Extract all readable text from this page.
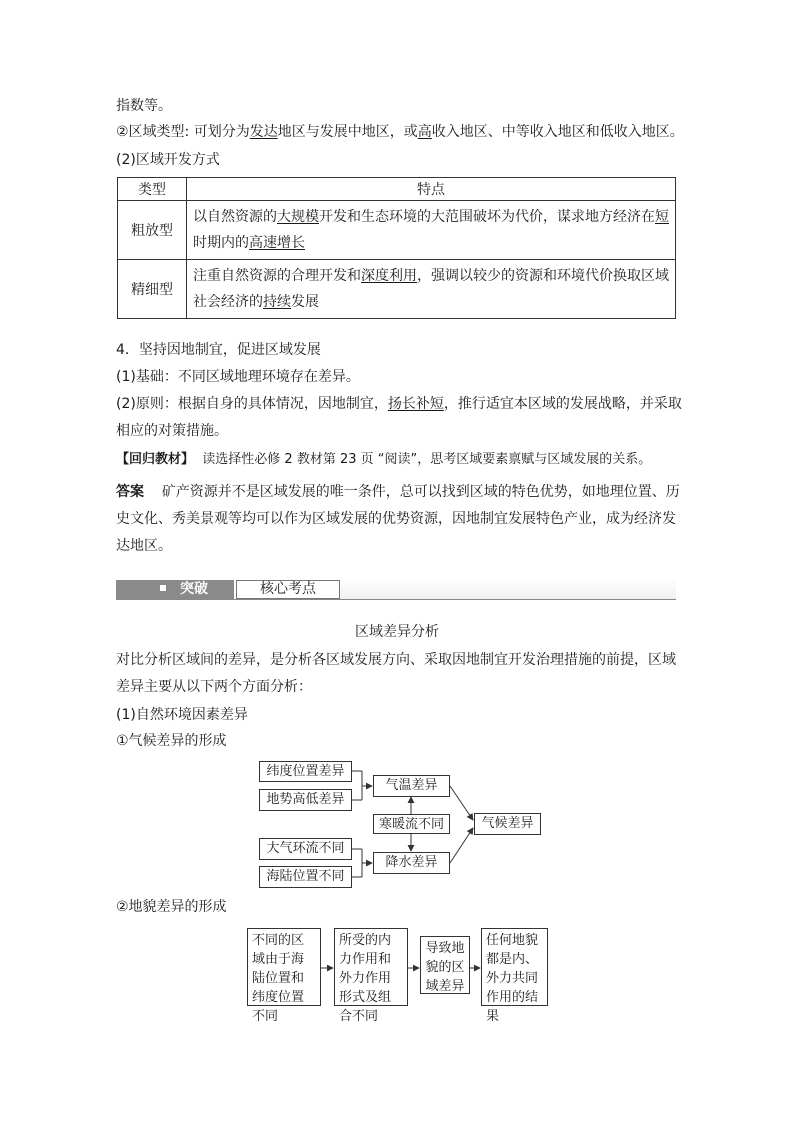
指数等。
②区域类型: 可划分为发达地区与发展中地区，或高收入地区、中等收入地区和低收入地区。
(2)区域开发方式
类型	特点
粗放型	以自然资源的大规模开发和生态环境的大范围破坏为代价，谋求地方经济在短时期内的高速增长
精细型	注重自然资源的合理开发和深度利用，强调以较少的资源和环境代价换取区域社会经济的持续发展
4．坚持因地制宜，促进区域发展
(1)基础：不同区域地理环境存在差异。
(2)原则：根据自身的具体情况，因地制宜，扬长补短，推行适宜本区域的发展战略，并采取
相应的对策措施。
【回归教材】 读选择性必修 2 教材第 23 页 “阅读”，思考区域要素禀赋与区域发展的关系。
答案 矿产资源并不是区域发展的唯一条件，总可以找到区域的特色优势，如地理位置、历
史文化、秀美景观等均可以作为区域发展的优势资源，因地制宜发展特色产业，成为经济发
达地区。
突破	核心考点
区域差异分析
对比分析区域间的差异，是分析各区域发展方向、采取因地制宜开发治理措施的前提，区域
差异主要从以下两个方面分析：
(1)自然环境因素差异
①气候差异的形成
纬度位置差异
地势高低差异
气温差异
寒暖流不同	气候差异
大气环流不同
降水差异
海陆位置不同
②地貌差异的形成
不同的区域由于海陆位置和纬度位置不同
所受的内力作用和外力作用形式及组合不同
导致地貌的区域差异
任何地貌都是内、外力共同作用的结果
